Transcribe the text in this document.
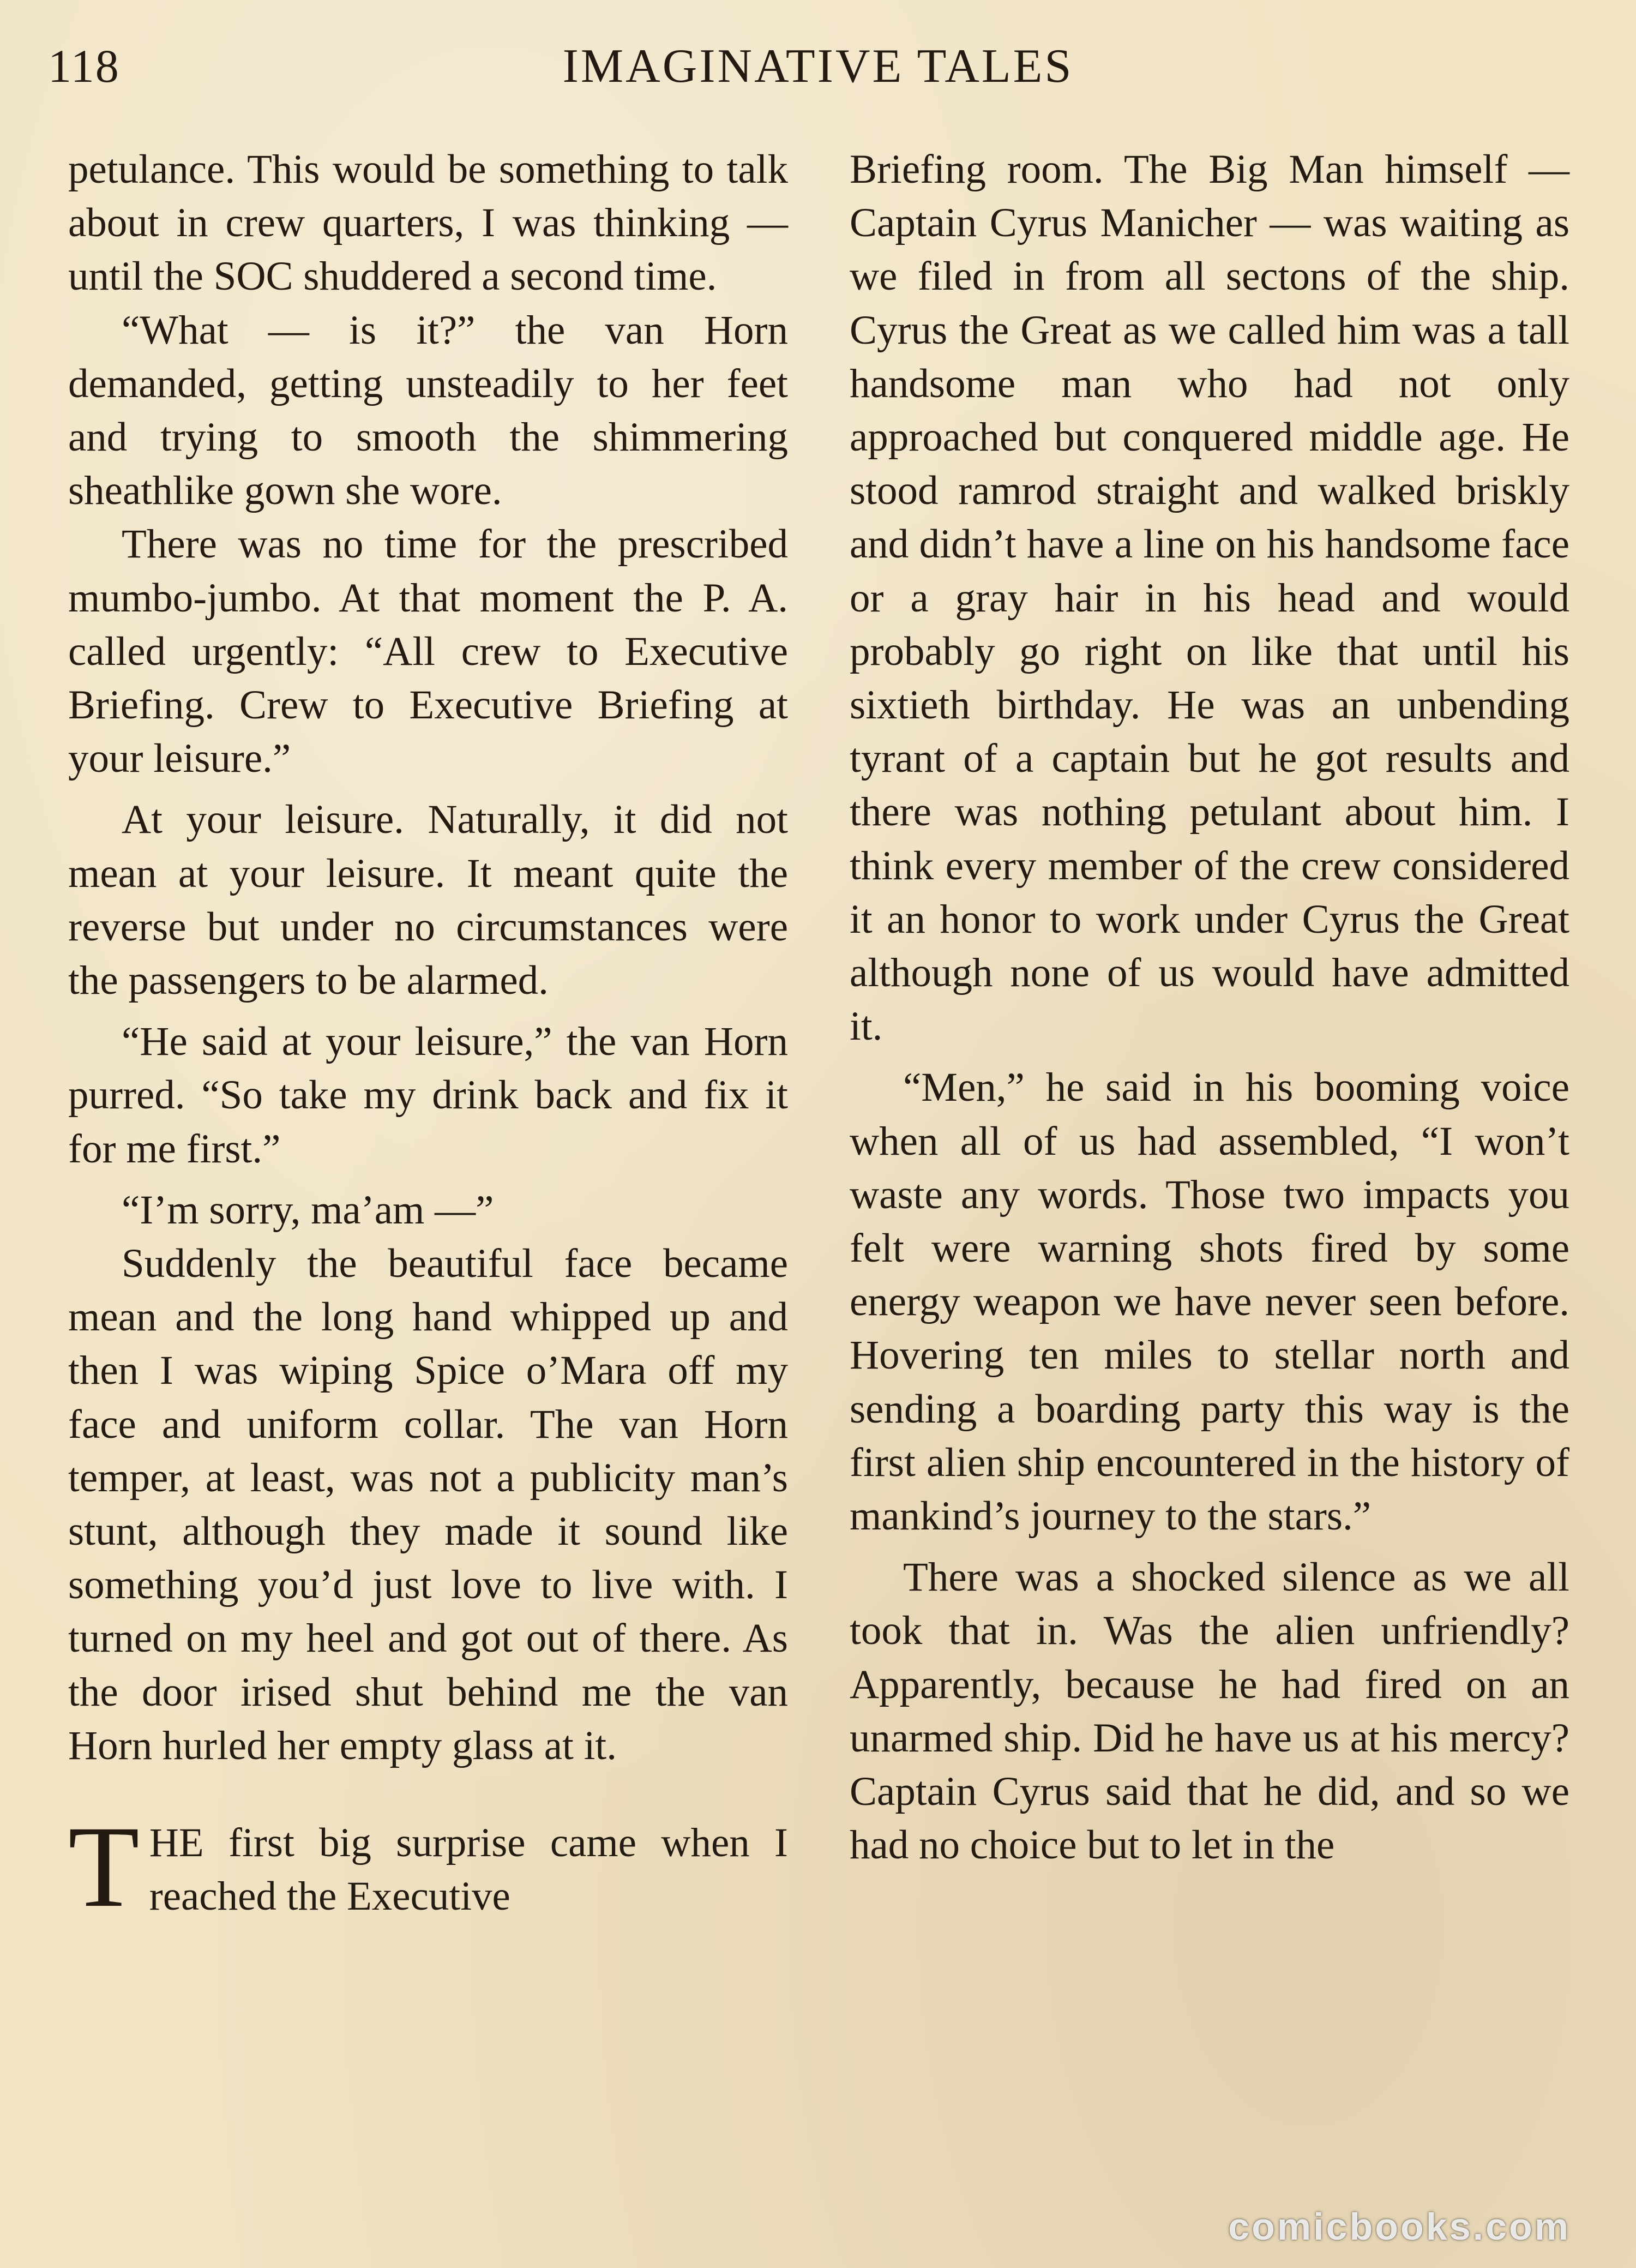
118	IMAGINATIVE TALES

petulance. This would be something to talk about in crew quarters, I was thinking — until the SOC shuddered a second time.

“What — is it?” the van Horn demanded, getting unsteadily to her feet and trying to smooth the shimmering sheathlike gown she wore.

There was no time for the prescribed mumbo-jumbo. At that moment the P. A. called urgently: “All crew to Executive Briefing. Crew to Executive Briefing at your leisure.”

At your leisure. Naturally, it did not mean at your leisure. It meant quite the reverse but under no circumstances were the passengers to be alarmed.

“He said at your leisure,” the van Horn purred. “So take my drink back and fix it for me first.”

“I’m sorry, ma’am —”

Suddenly the beautiful face became mean and the long hand whipped up and then I was wiping Spice o’Mara off my face and uniform collar. The van Horn temper, at least, was not a publicity man’s stunt, although they made it sound like something you’d just love to live with. I turned on my heel and got out of there. As the door irised shut behind me the van Horn hurled her empty glass at it.

THE first big surprise came when I reached the Executive

Briefing room. The Big Man himself — Captain Cyrus Manicher — was waiting as we filed in from all sectons of the ship. Cyrus the Great as we called him was a tall handsome man who had not only approached but conquered middle age. He stood ramrod straight and walked briskly and didn’t have a line on his handsome face or a gray hair in his head and would probably go right on like that until his sixtieth birthday. He was an unbending tyrant of a captain but he got results and there was nothing petulant about him. I think every member of the crew considered it an honor to work under Cyrus the Great although none of us would have admitted it.

“Men,” he said in his booming voice when all of us had assembled, “I won’t waste any words. Those two impacts you felt were warning shots fired by some energy weapon we have never seen before. Hovering ten miles to stellar north and sending a boarding party this way is the first alien ship encountered in the history of mankind’s journey to the stars.”

There was a shocked silence as we all took that in. Was the alien unfriendly? Apparently, because he had fired on an unarmed ship. Did he have us at his mercy? Captain Cyrus said that he did, and so we had no choice but to let in the

comicbooks.com
